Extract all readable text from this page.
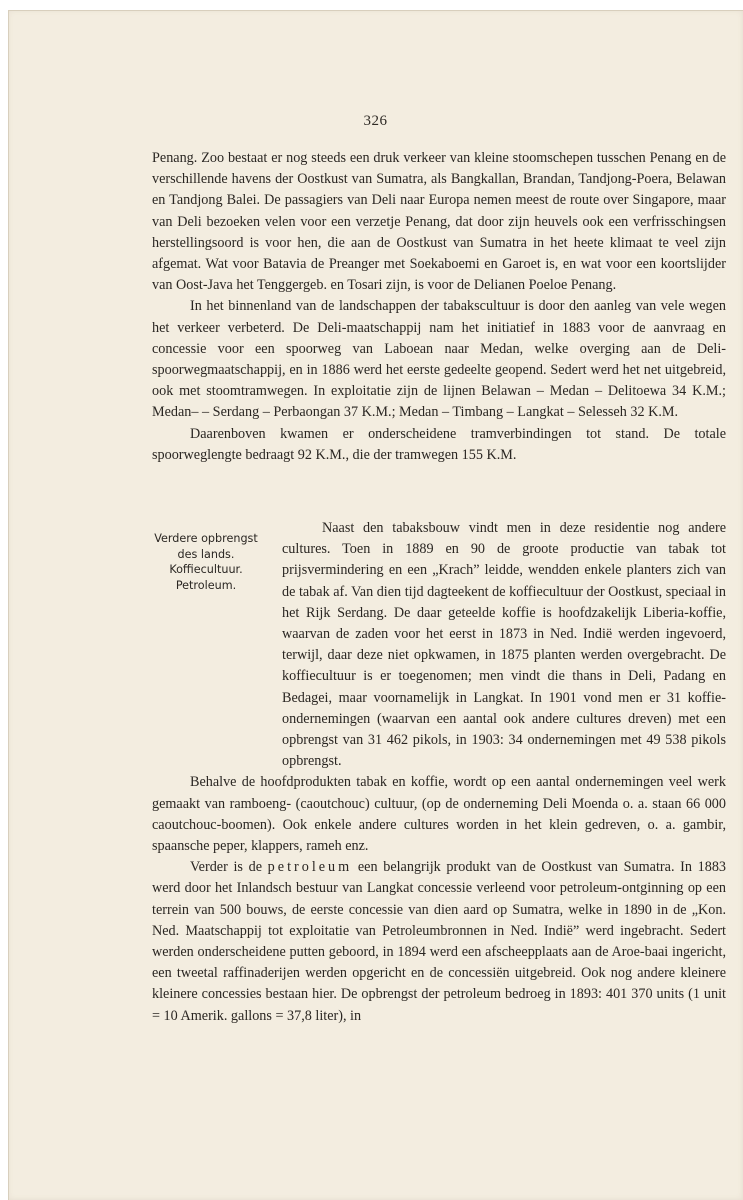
326

Penang. Zoo bestaat er nog steeds een druk verkeer van kleine stoomschepen tusschen Penang en de verschillende havens der Oostkust van Sumatra, als Bangkallan, Brandan, Tandjong-Poera, Belawan en Tandjong Balei. De passagiers van Deli naar Europa nemen meest de route over Singapore, maar van Deli bezoeken velen voor een verzetje Penang, dat door zijn heuvels ook een verfrisschingsen herstellingsoord is voor hen, die aan de Oostkust van Sumatra in het heete klimaat te veel zijn afgemat. Wat voor Batavia de Preanger met Soekaboemi en Garoet is, en wat voor een koortslijder van Oost-Java het Tenggergeb. en Tosari zijn, is voor de Delianen Poeloe Penang.

In het binnenland van de landschappen der tabakscultuur is door den aanleg van vele wegen het verkeer verbeterd. De Deli-maatschappij nam het initiatief in 1883 voor de aanvraag en concessie voor een spoorweg van Laboean naar Medan, welke overging aan de Deli-spoorwegmaatschappij, en in 1886 werd het eerste gedeelte geopend. Sedert werd het net uitgebreid, ook met stoomtramwegen. In exploitatie zijn de lijnen Belawan – Medan – Delitoewa 34 K.M.; Medan– – Serdang – Perbaongan 37 K.M.; Medan – Timbang – Langkat – Selesseh 32 K.M.

Daarenboven kwamen er onderscheidene tramverbindingen tot stand. De totale spoorweglengte bedraagt 92 K.M., die der tramwegen 155 K.M.

Verdere opbrengst des lands. Koffiecultuur. Petroleum.

Naast den tabaksbouw vindt men in deze residentie nog andere cultures. Toen in 1889 en 90 de groote productie van tabak tot prijsvermindering en een „Krach” leidde, wendden enkele planters zich van de tabak af. Van dien tijd dagteekent de koffiecultuur der Oostkust, speciaal in het Rijk Serdang. De daar geteelde koffie is hoofdzakelijk Liberia-koffie, waarvan de zaden voor het eerst in 1873 in Ned. Indië werden ingevoerd, terwijl, daar deze niet opkwamen, in 1875 planten werden overgebracht. De koffiecultuur is er toegenomen; men vindt die thans in Deli, Padang en Bedagei, maar voornamelijk in Langkat. In 1901 vond men er 31 koffie-ondernemingen (waarvan een aantal ook andere cultures dreven) met een opbrengst van 31 462 pikols, in 1903: 34 ondernemingen met 49 538 pikols opbrengst.

Behalve de hoofdprodukten tabak en koffie, wordt op een aantal ondernemingen veel werk gemaakt van ramboeng- (caoutchouc) cultuur, (op de onderneming Deli Moenda o. a. staan 66 000 caoutchouc-boomen). Ook enkele andere cultures worden in het klein gedreven, o. a. gambir, spaansche peper, klappers, rameh enz.

Verder is de petroleum een belangrijk produkt van de Oostkust van Sumatra. In 1883 werd door het Inlandsch bestuur van Langkat concessie verleend voor petroleum-ontginning op een terrein van 500 bouws, de eerste concessie van dien aard op Sumatra, welke in 1890 in de „Kon. Ned. Maatschappij tot exploitatie van Petroleumbronnen in Ned. Indië” werd ingebracht. Sedert werden onderscheidene putten geboord, in 1894 werd een afscheepplaats aan de Aroe-baai ingericht, een tweetal raffinaderijen werden opgericht en de concessiën uitgebreid. Ook nog andere kleinere kleinere concessies bestaan hier. De opbrengst der petroleum bedroeg in 1893: 401 370 units (1 unit = 10 Amerik. gallons = 37,8 liter), in
